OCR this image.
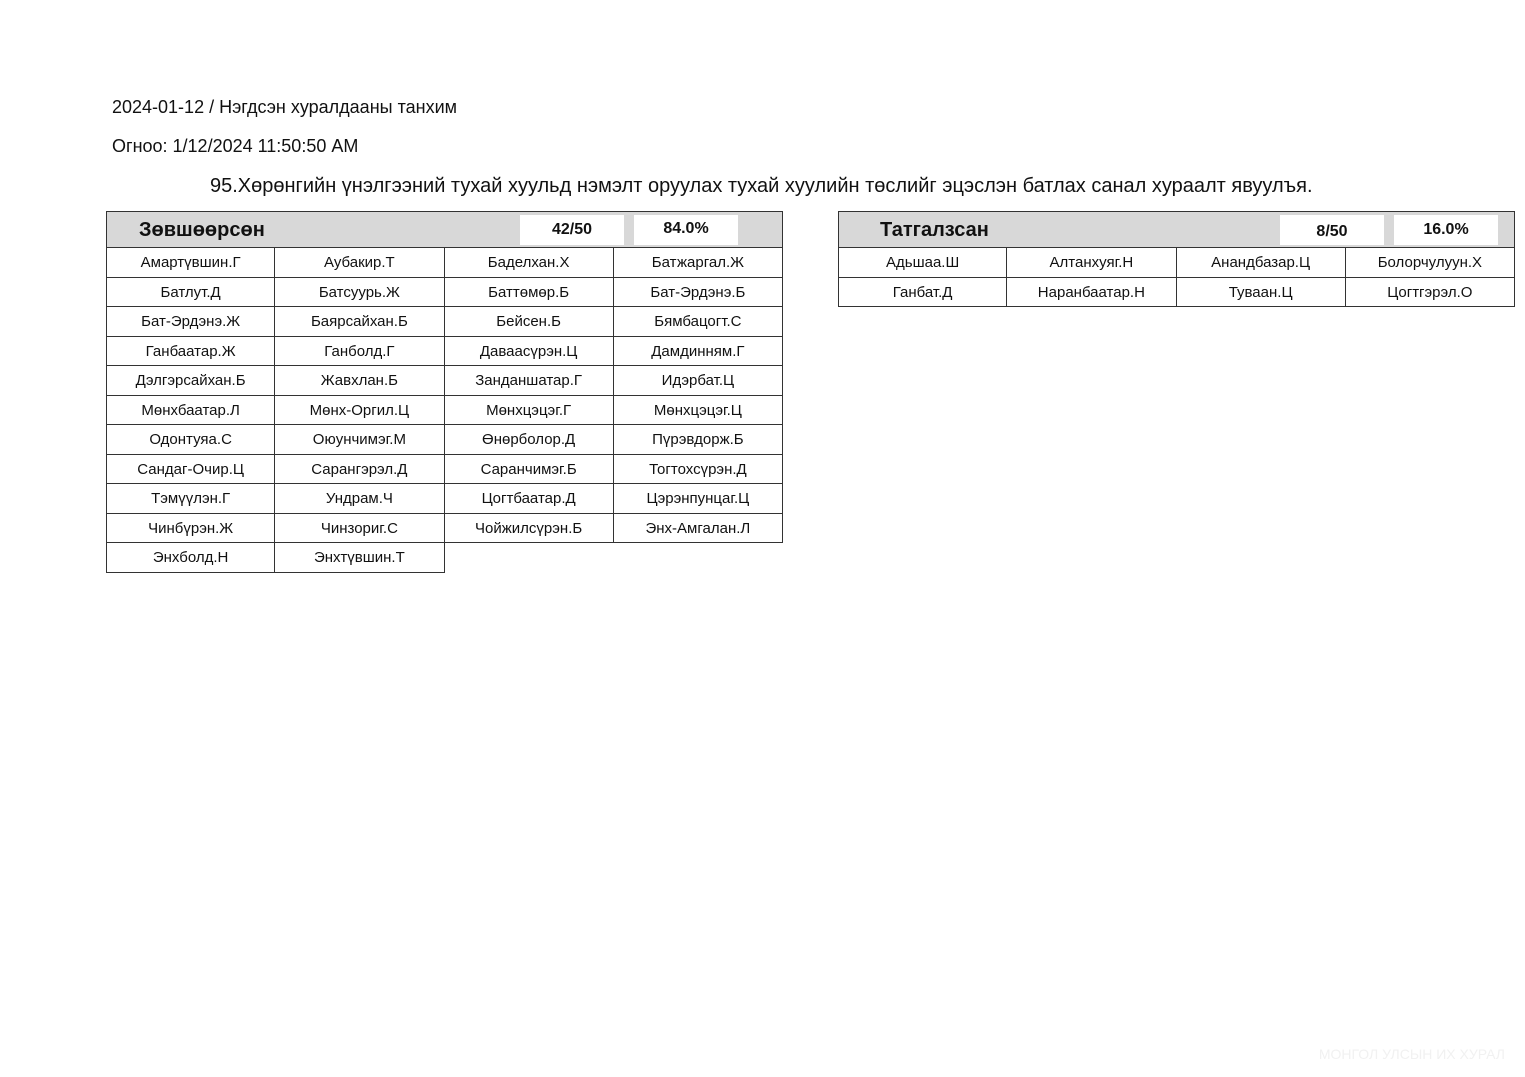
2024-01-12 / Нэгдсэн хуралдааны танхим
Огноо: 1/12/2024 11:50:50 AM
95.Хөрөнгийн үнэлгээний тухай хуульд нэмэлт оруулах тухай хуулийн төслийг эцэслэн батлах санал хураалт явуулъя.
Зөвшөөрсөн	42/50	84.0%
Амартүвшин.Г	Аубакир.Т	Баделхан.Х	Батжаргал.Ж
Батлут.Д	Батсуурь.Ж	Баттөмөр.Б	Бат-Эрдэнэ.Б
Бат-Эрдэнэ.Ж	Баярсайхан.Б	Бейсен.Б	Бямбацогт.С
Ганбаатар.Ж	Ганболд.Г	Даваасүрэн.Ц	Дамдинням.Г
Дэлгэрсайхан.Б	Жавхлан.Б	Занданшатар.Г	Идэрбат.Ц
Мөнхбаатар.Л	Мөнх-Оргил.Ц	Мөнхцэцэг.Г	Мөнхцэцэг.Ц
Одонтуяа.С	Оюунчимэг.М	Өнөрболор.Д	Пүрэвдорж.Б
Сандаг-Очир.Ц	Сарангэрэл.Д	Саранчимэг.Б	Тогтохсүрэн.Д
Тэмүүлэн.Г	Ундрам.Ч	Цогтбаатар.Д	Цэрэнпунцаг.Ц
Чинбүрэн.Ж	Чинзориг.С	Чойжилсүрэн.Б	Энх-Амгалан.Л
Энхболд.Н	Энхтүвшин.Т
Татгалзсан	8/50	16.0%
Адьшаа.Ш	Алтанхуяг.Н	Анандбазар.Ц	Болорчулуун.Х
Ганбат.Д	Наранбаатар.Н	Туваан.Ц	Цогтгэрэл.О
МОНГОЛ УЛСЫН ИХ ХУРАЛ
